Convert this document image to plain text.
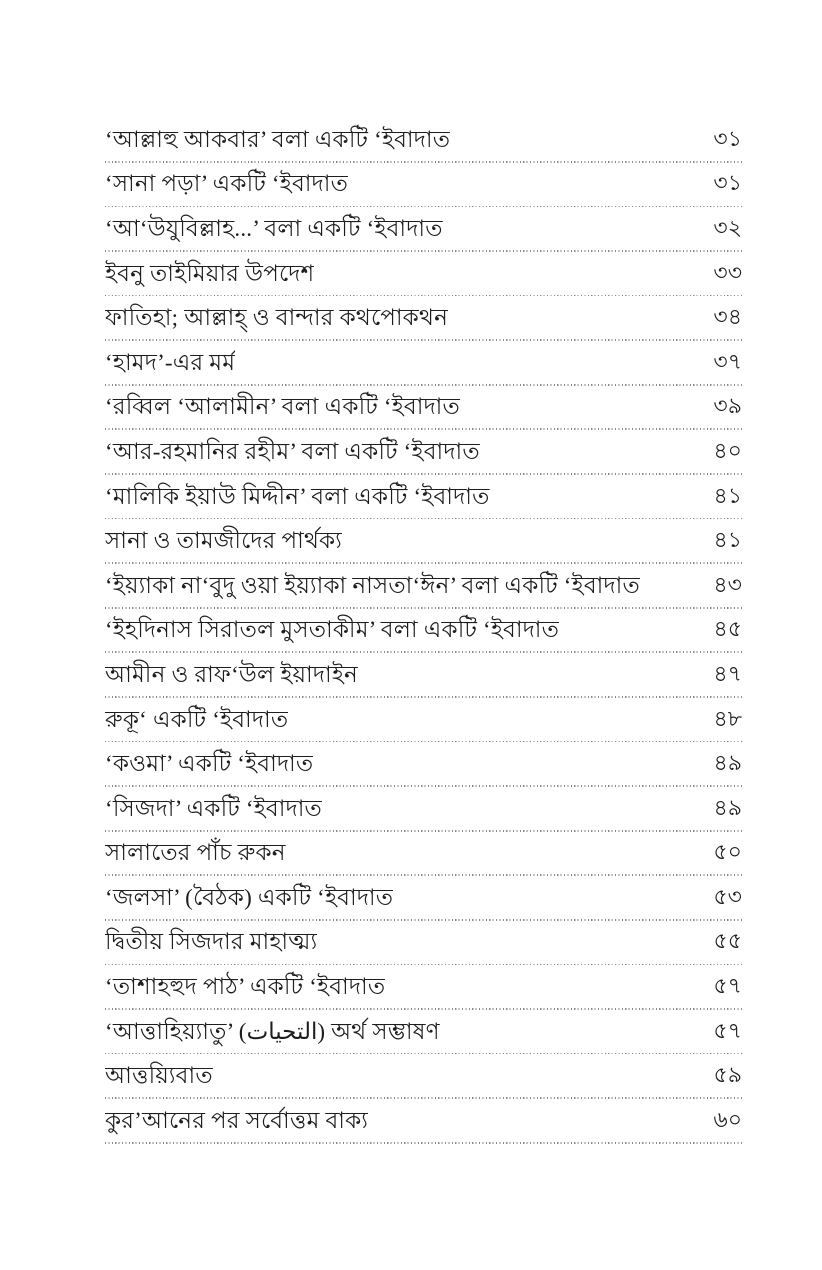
‘আল্লাহু আকবার’ বলা একটি ‘ইবাদাত	৩১
‘সানা পড়া’ একটি ‘ইবাদাত	৩১
‘আ‘উযুবিল্লাহ...’ বলা একটি ‘ইবাদাত	৩২
ইবনু তাইমিয়ার উপদেশ	৩৩
ফাতিহা; আল্লাহ্ ও বান্দার কথপোকথন	৩৪
‘হামদ’-এর মর্ম	৩৭
‘রব্বিল ‘আলামীন’ বলা একটি ‘ইবাদাত	৩৯
‘আর-রহমানির রহীম’ বলা একটি ‘ইবাদাত	৪০
‘মালিকি ইয়াউ মিদ্দীন’ বলা একটি ‘ইবাদাত	৪১
সানা ও তামজীদের পার্থক্য	৪১
‘ইয়্যাকা না‘বুদু ওয়া ইয়্যাকা নাসতা‘ঈন’ বলা একটি ‘ইবাদাত	৪৩
‘ইহদিনাস সিরাতল মুসতাকীম’ বলা একটি ‘ইবাদাত	৪৫
আমীন ও রাফ‘উল ইয়াদাইন	৪৭
রুকূ‘ একটি ‘ইবাদাত	৪৮
‘কওমা’ একটি ‘ইবাদাত	৪৯
‘সিজদা’ একটি ‘ইবাদাত	৪৯
সালাতের পাঁচ রুকন	৫০
‘জলসা’ (বৈঠক) একটি ‘ইবাদাত	৫৩
দ্বিতীয় সিজদার মাহাত্ম্য	৫৫
‘তাশাহহুদ পাঠ’ একটি ‘ইবাদাত	৫৭
‘আত্তাহিয়্যাতু’ (التحيات) অর্থ সম্ভাষণ	৫৭
আত্তয়্যিবাত	৫৯
কুর’আনের পর সর্বোত্তম বাক্য	৬০
